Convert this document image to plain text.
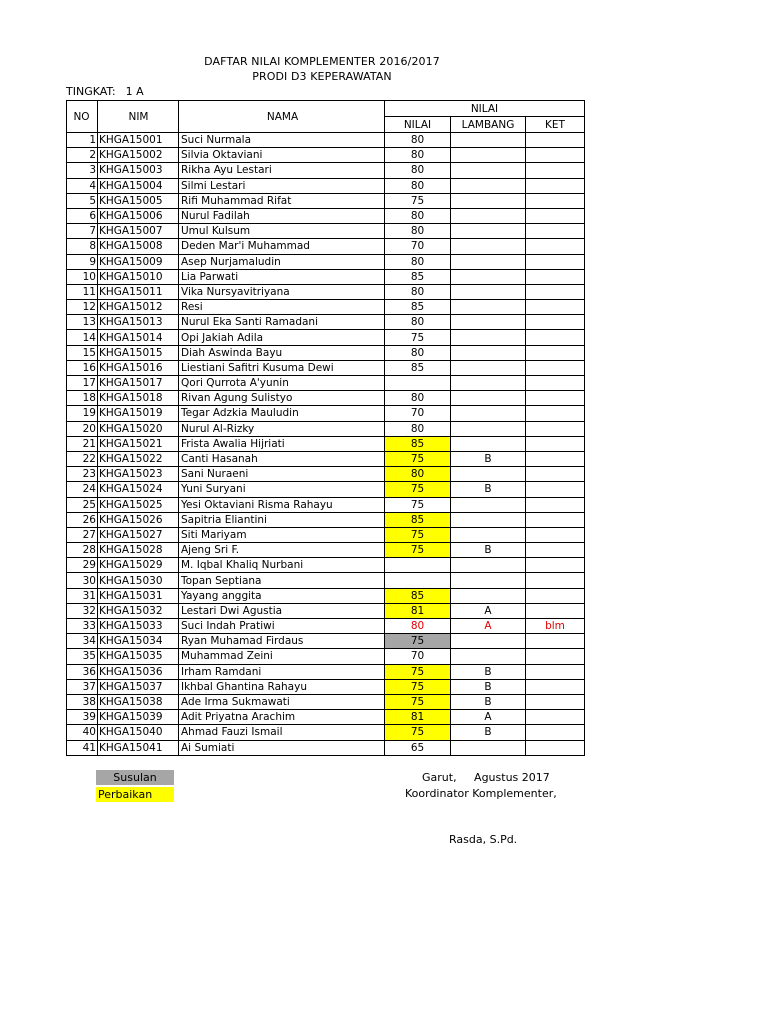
DAFTAR NILAI KOMPLEMENTER 2016/2017
PRODI D3 KEPERAWATAN
TINGKAT: 1 A
NO	NIM	NAMA	NILAI		
			NILAI	LAMBANG	KET
1	KHGA15001	Suci Nurmala	80		
2	KHGA15002	Silvia Oktaviani	80		
3	KHGA15003	Rikha Ayu Lestari	80		
4	KHGA15004	Silmi Lestari	80		
5	KHGA15005	Rifi Muhammad Rifat	75		
6	KHGA15006	Nurul Fadilah	80		
7	KHGA15007	Umul Kulsum	80		
8	KHGA15008	Deden Mar'i Muhammad	70		
9	KHGA15009	Asep Nurjamaludin	80		
10	KHGA15010	Lia Parwati	85		
11	KHGA15011	Vika Nursyavitriyana	80		
12	KHGA15012	Resi	85		
13	KHGA15013	Nurul Eka Santi Ramadani	80		
14	KHGA15014	Opi Jakiah Adila	75		
15	KHGA15015	Diah Aswinda Bayu	80		
16	KHGA15016	Liestiani Safitri Kusuma Dewi	85		
17	KHGA15017	Qori Qurrota A'yunin			
18	KHGA15018	Rivan Agung Sulistyo	80		
19	KHGA15019	Tegar Adzkia Mauludin	70		
20	KHGA15020	Nurul Al-Rizky	80		
21	KHGA15021	Frista Awalia Hijriati	85		
22	KHGA15022	Canti Hasanah	75	B	
23	KHGA15023	Sani Nuraeni	80		
24	KHGA15024	Yuni Suryani	75	B	
25	KHGA15025	Yesi Oktaviani Risma Rahayu	75		
26	KHGA15026	Sapitria Eliantini	85		
27	KHGA15027	Siti Mariyam	75		
28	KHGA15028	Ajeng Sri F.	75	B	
29	KHGA15029	M. Iqbal Khaliq Nurbani			
30	KHGA15030	Topan Septiana			
31	KHGA15031	Yayang anggita	85		
32	KHGA15032	Lestari Dwi Agustia	81	A	
33	KHGA15033	Suci Indah Pratiwi	80	A	blm
34	KHGA15034	Ryan Muhamad Firdaus	75		
35	KHGA15035	Muhammad Zeini	70		
36	KHGA15036	Irham Ramdani	75	B	
37	KHGA15037	Ikhbal Ghantina Rahayu	75	B	
38	KHGA15038	Ade Irma Sukmawati	75	B	
39	KHGA15039	Adit Priyatna Arachim	81	A	
40	KHGA15040	Ahmad Fauzi Ismail	75	B	
41	KHGA15041	Ai Sumiati	65		
Susulan
Perbaikan
Garut,     Agustus 2017
Koordinator Komplementer,
Rasda, S.Pd.
